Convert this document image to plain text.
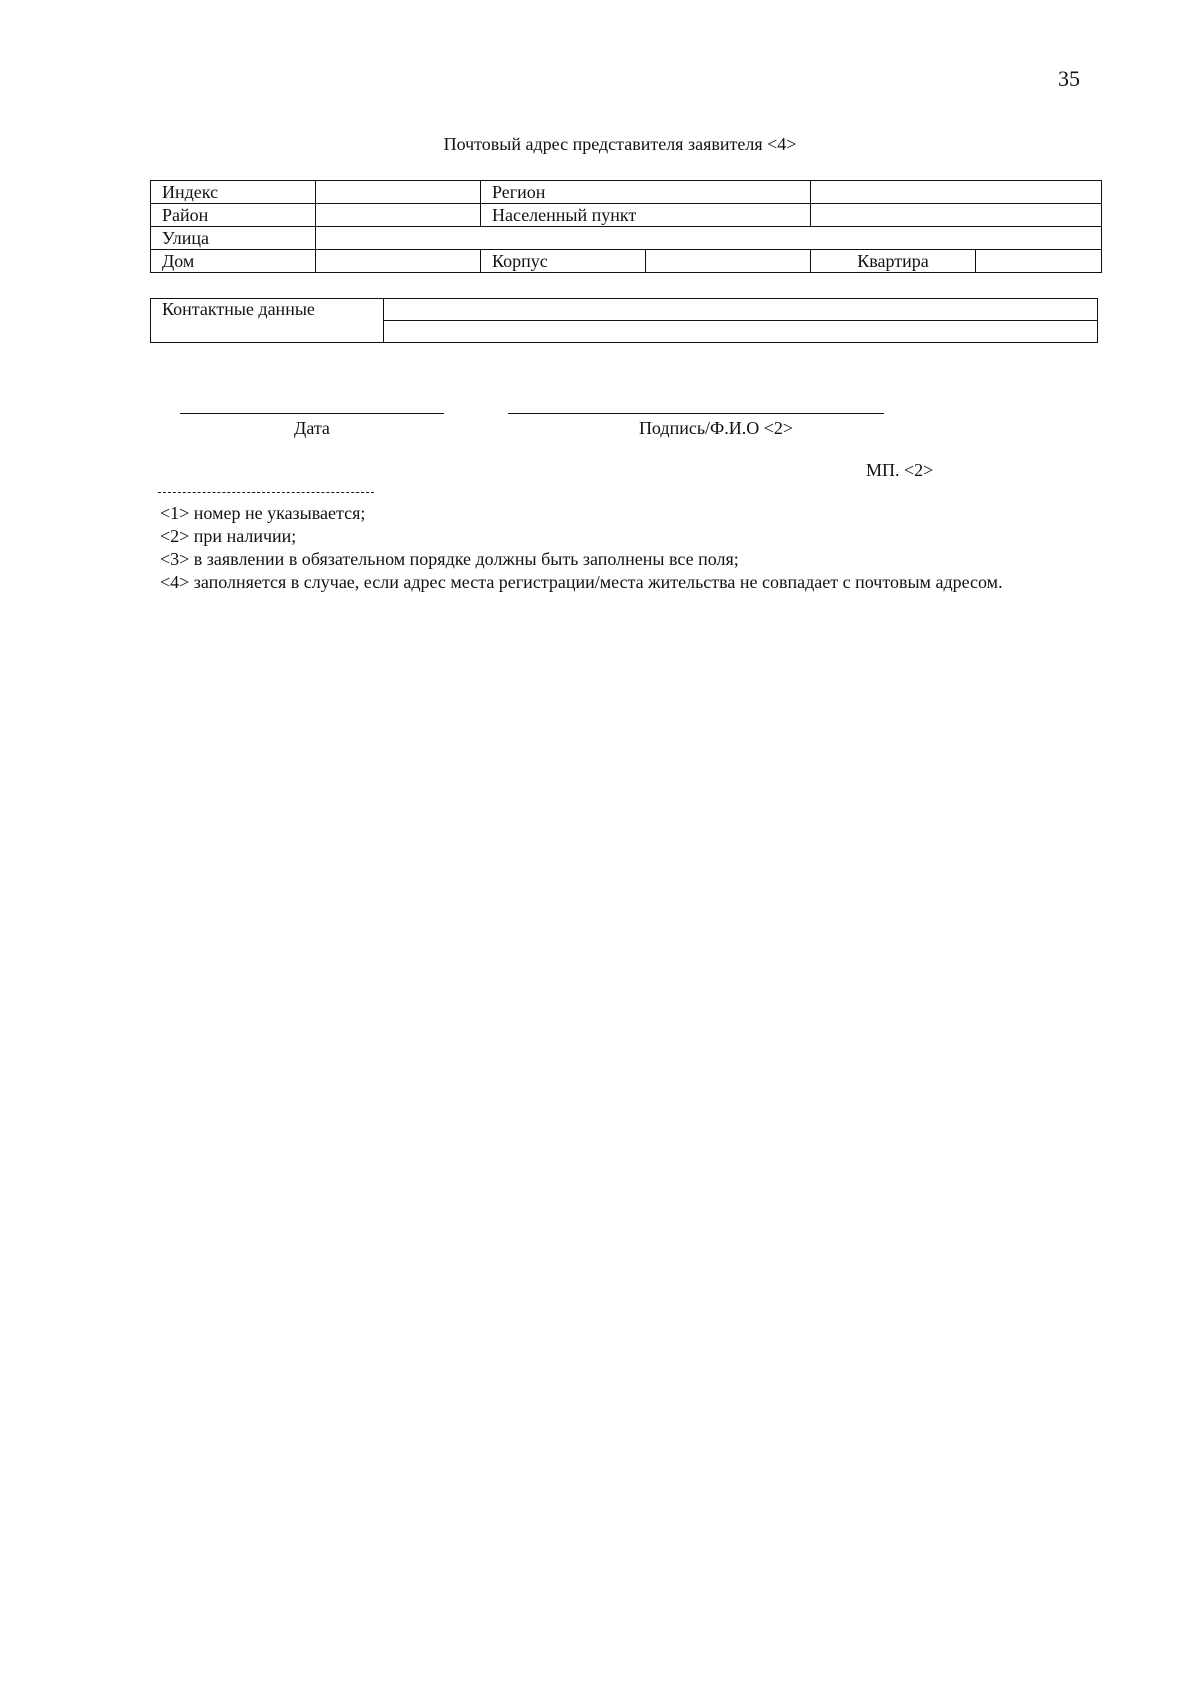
35
Почтовый адрес представителя заявителя <4>
Индекс		Регион			
Район		Населенный пункт			
Улица					
Дом		Корпус		Квартира	
Контактные данные	

Дата	Подпись/Ф.И.О <2>
МП. <2>
<1> номер не указывается;
<2> при наличии;
<3> в заявлении в обязательном порядке должны быть заполнены все поля;
<4> заполняется в случае, если адрес места регистрации/места жительства не совпадает с почтовым адресом.
